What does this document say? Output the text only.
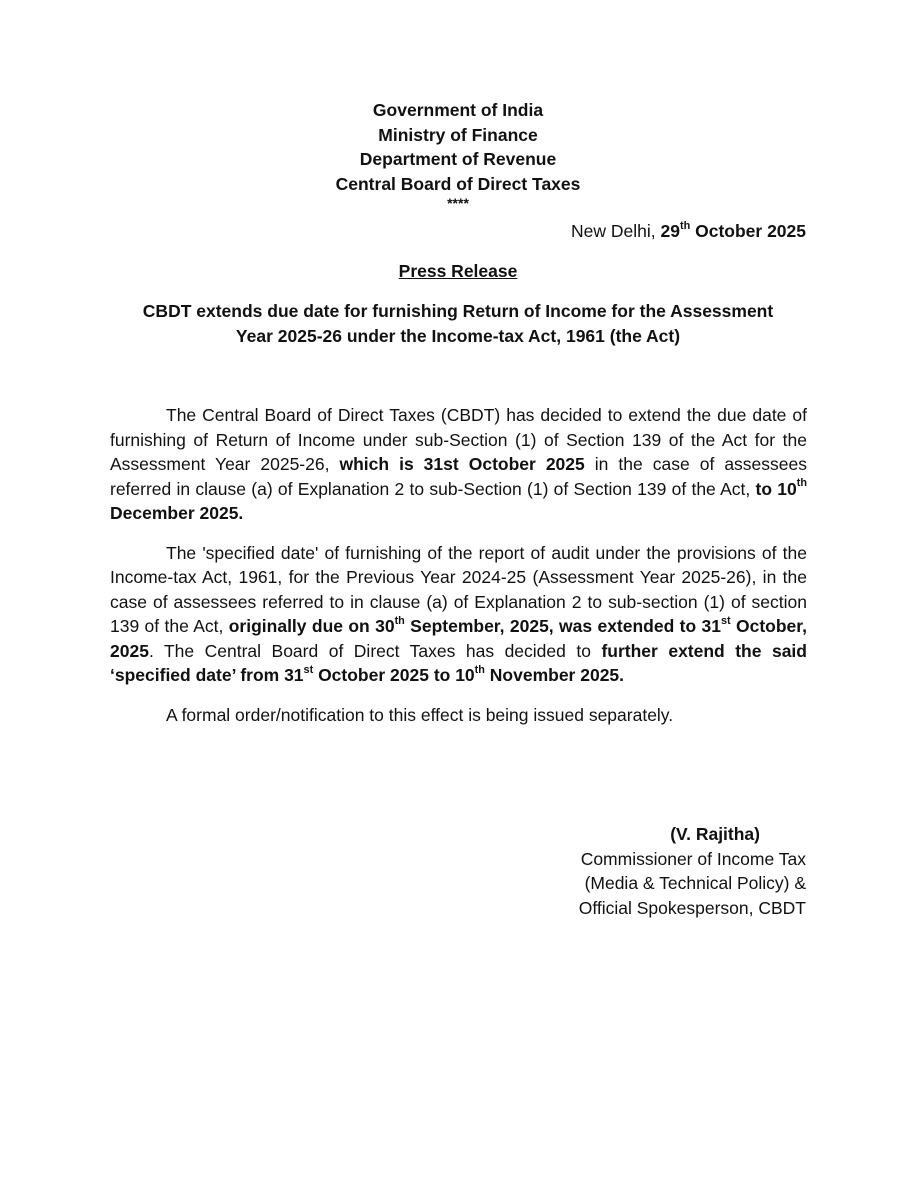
Government of India
Ministry of Finance
Department of Revenue
Central Board of Direct Taxes
****
New Delhi, 29th October 2025
Press Release
CBDT extends due date for furnishing Return of Income for the Assessment
Year 2025-26 under the Income-tax Act, 1961 (the Act)

The Central Board of Direct Taxes (CBDT) has decided to extend the due date of furnishing of Return of Income under sub-Section (1) of Section 139 of the Act for the Assessment Year 2025-26, which is 31st October 2025 in the case of assessees referred in clause (a) of Explanation 2 to sub-Section (1) of Section 139 of the Act, to 10th December 2025.

The 'specified date' of furnishing of the report of audit under the provisions of the Income-tax Act, 1961, for the Previous Year 2024-25 (Assessment Year 2025-26), in the case of assessees referred to in clause (a) of Explanation 2 to sub-section (1) of section 139 of the Act, originally due on 30th September, 2025, was extended to 31st October, 2025. The Central Board of Direct Taxes has decided to further extend the said ‘specified date’ from 31st October 2025 to 10th November 2025.

A formal order/notification to this effect is being issued separately.

(V. Rajitha)
Commissioner of Income Tax
(Media & Technical Policy) &
Official Spokesperson, CBDT
